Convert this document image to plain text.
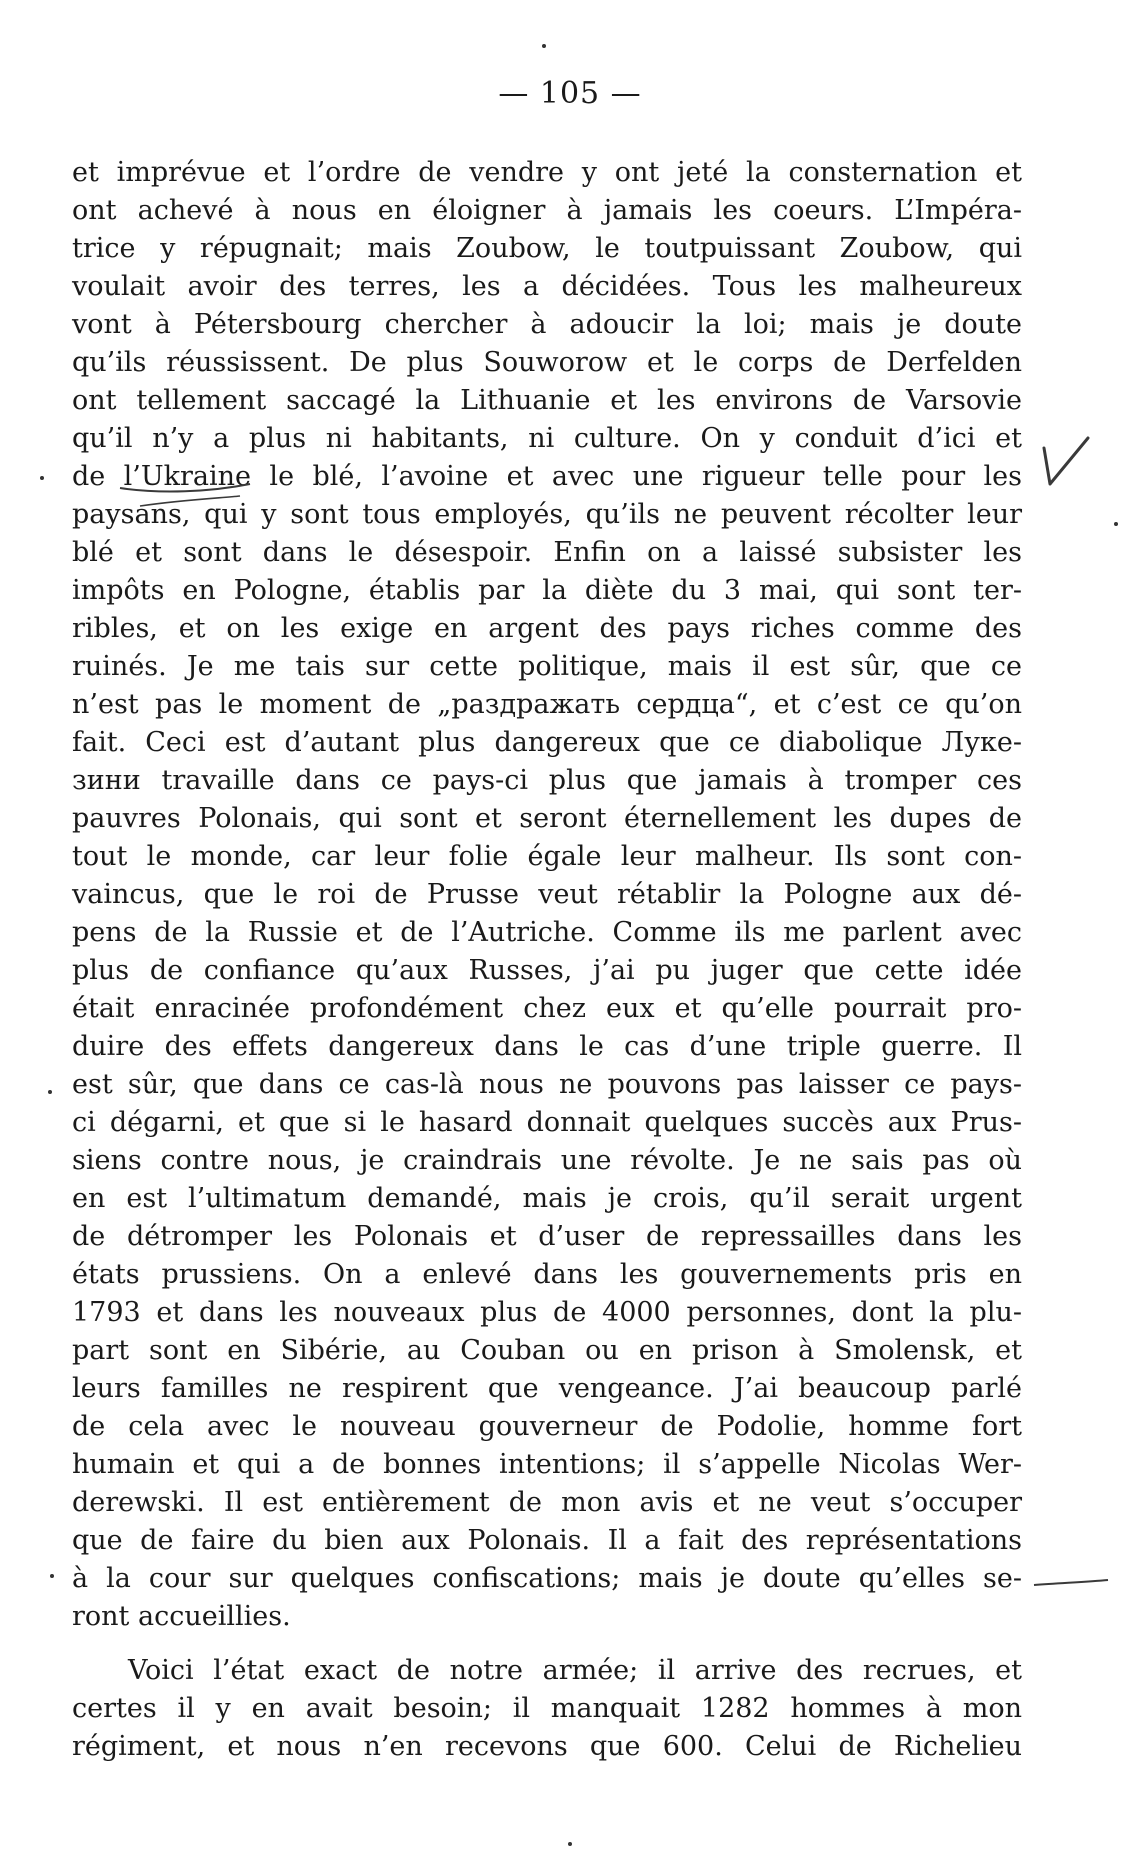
— 105 —
et imprévue et l’ordre de vendre y ont jeté la consternation et
ont achevé à nous en éloigner à jamais les coeurs. L’Impéra-
trice y répugnait; mais Zoubow, le toutpuissant Zoubow, qui
voulait avoir des terres, les a décidées. Tous les malheureux
vont à Pétersbourg chercher à adoucir la loi; mais je doute
qu’ils réussissent. De plus Souworow et le corps de Derfelden
ont tellement saccagé la Lithuanie et les environs de Varsovie
qu’il n’y a plus ni habitants, ni culture. On y conduit d’ici et
de l’Ukraine le blé, l’avoine et avec une rigueur telle pour les
paysans, qui y sont tous employés, qu’ils ne peuvent récolter leur
blé et sont dans le désespoir. Enfin on a laissé subsister les
impôts en Pologne, établis par la diète du 3 mai, qui sont ter-
ribles, et on les exige en argent des pays riches comme des
ruinés. Je me tais sur cette politique, mais il est sûr, que ce
n’est pas le moment de „раздражать сердца“, et c’est ce qu’on
fait. Ceci est d’autant plus dangereux que ce diabolique Луке-
зини travaille dans ce pays-ci plus que jamais à tromper ces
pauvres Polonais, qui sont et seront éternellement les dupes de
tout le monde, car leur folie égale leur malheur. Ils sont con-
vaincus, que le roi de Prusse veut rétablir la Pologne aux dé-
pens de la Russie et de l’Autriche. Comme ils me parlent avec
plus de confiance qu’aux Russes, j’ai pu juger que cette idée
était enracinée profondément chez eux et qu’elle pourrait pro-
duire des effets dangereux dans le cas d’une triple guerre. Il
est sûr, que dans ce cas-là nous ne pouvons pas laisser ce pays-
ci dégarni, et que si le hasard donnait quelques succès aux Prus-
siens contre nous, je craindrais une révolte. Je ne sais pas où
en est l’ultimatum demandé, mais je crois, qu’il serait urgent
de détromper les Polonais et d’user de repressailles dans les
états prussiens. On a enlevé dans les gouvernements pris en
1793 et dans les nouveaux plus de 4000 personnes, dont la plu-
part sont en Sibérie, au Couban ou en prison à Smolensk, et
leurs familles ne respirent que vengeance. J’ai beaucoup parlé
de cela avec le nouveau gouverneur de Podolie, homme fort
humain et qui a de bonnes intentions; il s’appelle Nicolas Wer-
derewski. Il est entièrement de mon avis et ne veut s’occuper
que de faire du bien aux Polonais. Il a fait des représentations
à la cour sur quelques confiscations; mais je doute qu’elles se-
ront accueillies.
Voici l’état exact de notre armée; il arrive des recrues, et
certes il y en avait besoin; il manquait 1282 hommes à mon
régiment, et nous n’en recevons que 600. Celui de Richelieu
